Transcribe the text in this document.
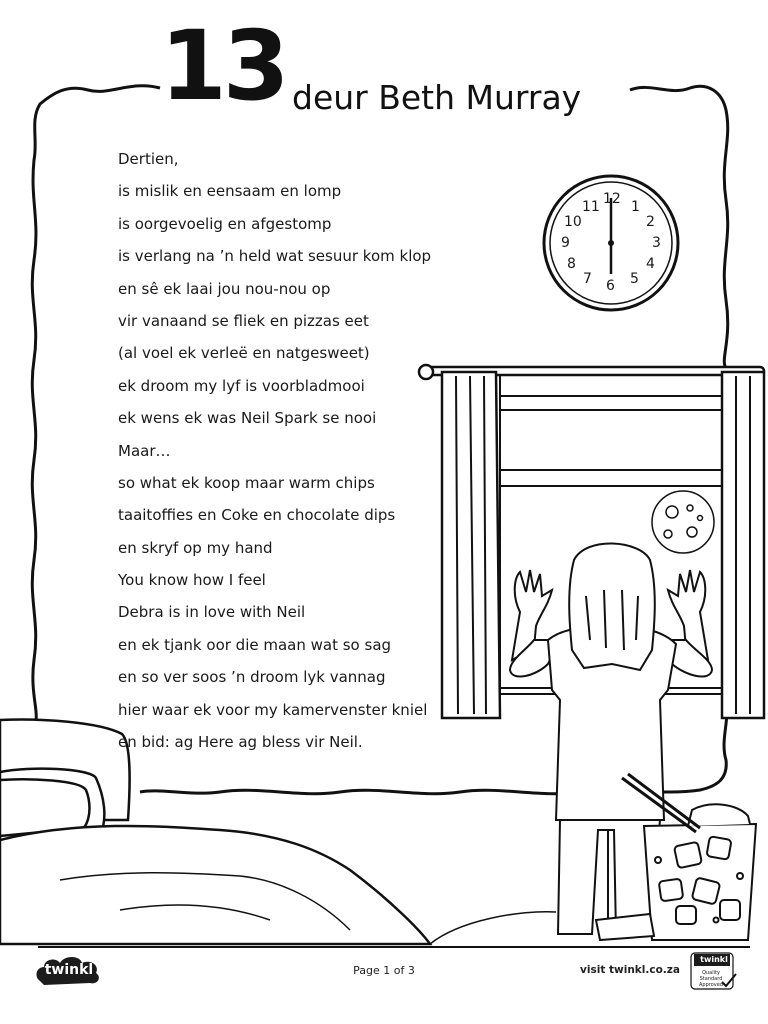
13 deur Beth Murray
12 1
2
3
4
5
6
7
8
9
10
11
Dertien,
is mislik en eensaam en lomp
is oorgevoelig en afgestomp
is verlang na ’n held wat sesuur kom klop
en sê ek laai jou nou-nou op
vir vanaand se fliek en pizzas eet
(al voel ek verleë en natgesweet)
ek droom my lyf is voorbladmooi
ek wens ek was Neil Spark se nooi
Maar…
so what ek koop maar warm chips
taaitoffies en Coke en chocolate dips
en skryf op my hand
You know how I feel
Debra is in love with Neil
en ek tjank oor die maan wat so sag
en so ver soos ’n droom lyk vannag
hier waar ek voor my kamervenster kniel
en bid: ag Here ag bless vir Neil.
twinkl	Page 1 of 3	visit twinkl.co.za
twinkl
Quality Standard Approved
